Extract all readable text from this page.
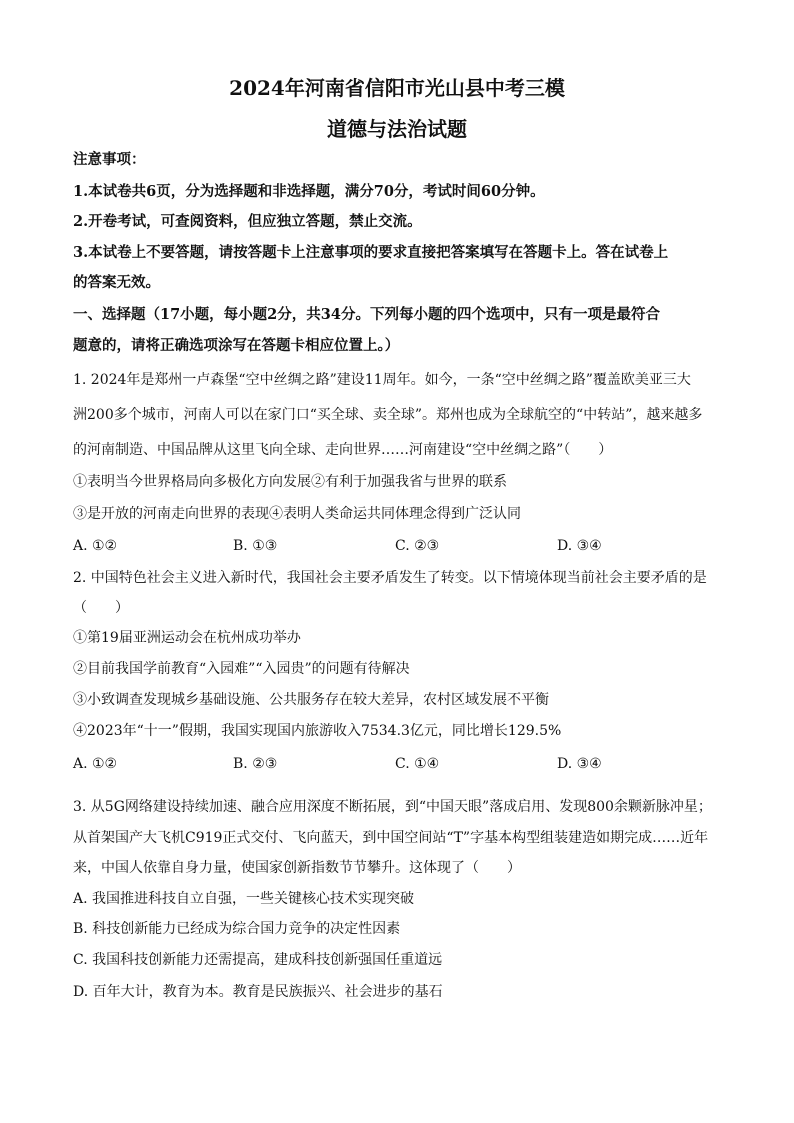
2024年河南省信阳市光山县中考三模
道德与法治试题
注意事项：
1.本试卷共6页，分为选择题和非选择题，满分70分，考试时间60分钟。
2.开卷考试，可查阅资料，但应独立答题，禁止交流。
3.本试卷上不要答题，请按答题卡上注意事项的要求直接把答案填写在答题卡上。答在试卷上
的答案无效。
一、选择题（17小题，每小题2分，共34分。下列每小题的四个选项中，只有一项是最符合
题意的，请将正确选项涂写在答题卡相应位置上。）
1. 2024年是郑州一卢森堡“空中丝绸之路”建设11周年。如今，一条“空中丝绸之路”覆盖欧美亚三大
洲200多个城市，河南人可以在家门口“买全球、卖全球”。郑州也成为全球航空的“中转站”，越来越多
的河南制造、中国品牌从这里飞向全球、走向世界……河南建设“空中丝绸之路”（　　）
①表明当今世界格局向多极化方向发展②有利于加强我省与世界的联系
③是开放的河南走向世界的表现④表明人类命运共同体理念得到广泛认同
A. ①②	B. ①③	C. ②③	D. ③④
2. 中国特色社会主义进入新时代，我国社会主要矛盾发生了转变。以下情境体现当前社会主要矛盾的是
（　　）
①第19届亚洲运动会在杭州成功举办
②目前我国学前教育“入园难”“入园贵”的问题有待解决
③小致调查发现城乡基础设施、公共服务存在较大差异，农村区域发展不平衡
④2023年“十一”假期，我国实现国内旅游收入7534.3亿元，同比增长129.5%
A. ①②	B. ②③	C. ①④	D. ③④
3. 从5G网络建设持续加速、融合应用深度不断拓展，到“中国天眼”落成启用、发现800余颗新脉冲星；
从首架国产大飞机C919正式交付、飞向蓝天，到中国空间站“T”字基本构型组装建造如期完成……近年
来，中国人依靠自身力量，使国家创新指数节节攀升。这体现了（　　）
A. 我国推进科技自立自强，一些关键核心技术实现突破
B. 科技创新能力已经成为综合国力竞争的决定性因素
C. 我国科技创新能力还需提高，建成科技创新强国任重道远
D. 百年大计，教育为本。教育是民族振兴、社会进步的基石
